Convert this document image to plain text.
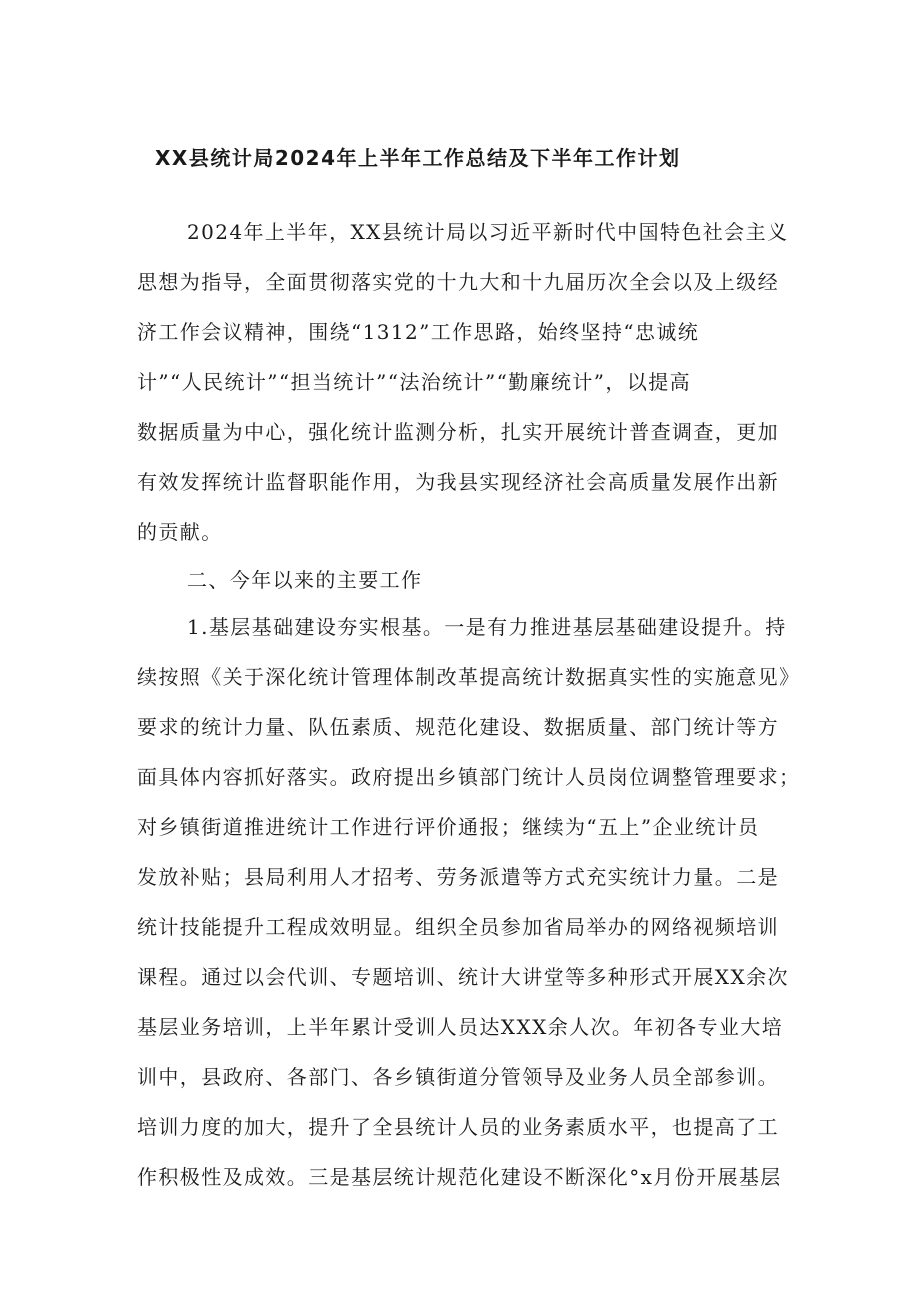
XX县统计局2024年上半年工作总结及下半年工作计划
2024年上半年，XX县统计局以习近平新时代中国特色社会主义
思想为指导，全面贯彻落实党的十九大和十九届历次全会以及上级经
济工作会议精神，围绕“1312”工作思路，始终坚持“忠诚统
计”“人民统计”“担当统计”“法治统计”“勤廉统计”，以提高
数据质量为中心，强化统计监测分析，扎实开展统计普查调查，更加
有效发挥统计监督职能作用，为我县实现经济社会高质量发展作出新
的贡献。
二、今年以来的主要工作
1.基层基础建设夯实根基。一是有力推进基层基础建设提升。持
续按照《关于深化统计管理体制改革提高统计数据真实性的实施意见》
要求的统计力量、队伍素质、规范化建设、数据质量、部门统计等方
面具体内容抓好落实。政府提出乡镇部门统计人员岗位调整管理要求；
对乡镇街道推进统计工作进行评价通报；继续为“五上”企业统计员
发放补贴；县局利用人才招考、劳务派遣等方式充实统计力量。二是
统计技能提升工程成效明显。组织全员参加省局举办的网络视频培训
课程。通过以会代训、专题培训、统计大讲堂等多种形式开展XX余次
基层业务培训，上半年累计受训人员达XXX余人次。年初各专业大培
训中，县政府、各部门、各乡镇街道分管领导及业务人员全部参训。
培训力度的加大，提升了全县统计人员的业务素质水平，也提高了工
作积极性及成效。三是基层统计规范化建设不断深化°x月份开展基层
